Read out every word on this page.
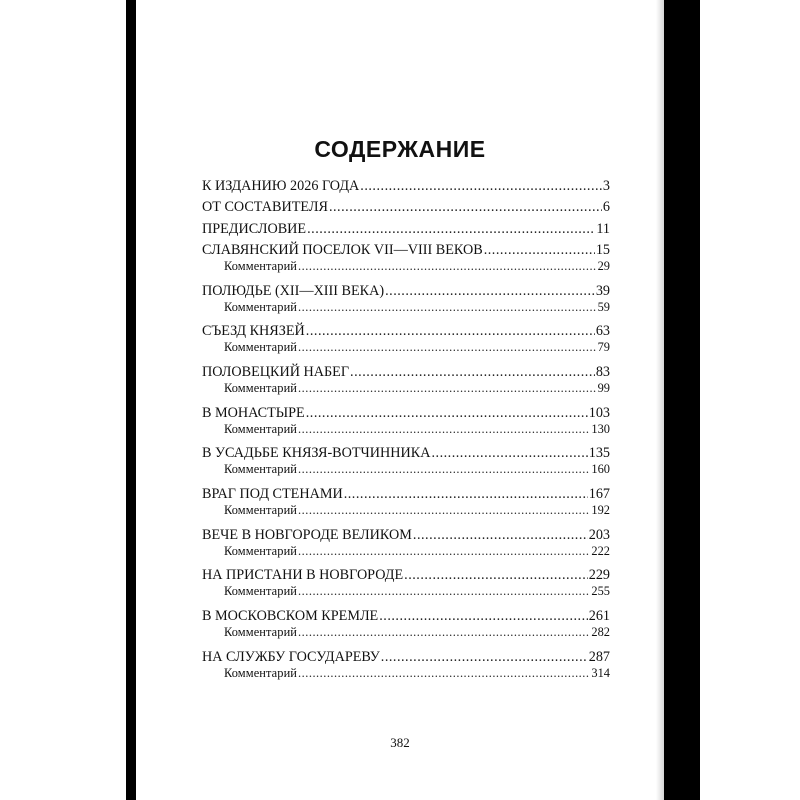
СОДЕРЖАНИЕ
К ИЗДАНИЮ 2026 ГОДА .....	3
ОТ СОСТАВИТЕЛЯ .....	6
ПРЕДИСЛОВИЕ .....	11
СЛАВЯНСКИЙ ПОСЕЛОК VII—VIII ВЕКОВ .....	15
Комментарий .....	29
ПОЛЮДЬЕ (XII—XIII ВЕКА) .....	39
Комментарий .....	59
СЪЕЗД КНЯЗЕЙ .....	63
Комментарий .....	79
ПОЛОВЕЦКИЙ НАБЕГ .....	83
Комментарий .....	99
В МОНАСТЫРЕ .....	103
Комментарий .....	130
В УСАДЬБЕ КНЯЗЯ-ВОТЧИННИКА .....	135
Комментарий .....	160
ВРАГ ПОД СТЕНАМИ .....	167
Комментарий .....	192
ВЕЧЕ В НОВГОРОДЕ ВЕЛИКОМ .....	203
Комментарий .....	222
НА ПРИСТАНИ В НОВГОРОДЕ .....	229
Комментарий .....	255
В МОСКОВСКОМ КРЕМЛЕ .....	261
Комментарий .....	282
НА СЛУЖБУ ГОСУДАРЕВУ .....	287
Комментарий .....	314
382
